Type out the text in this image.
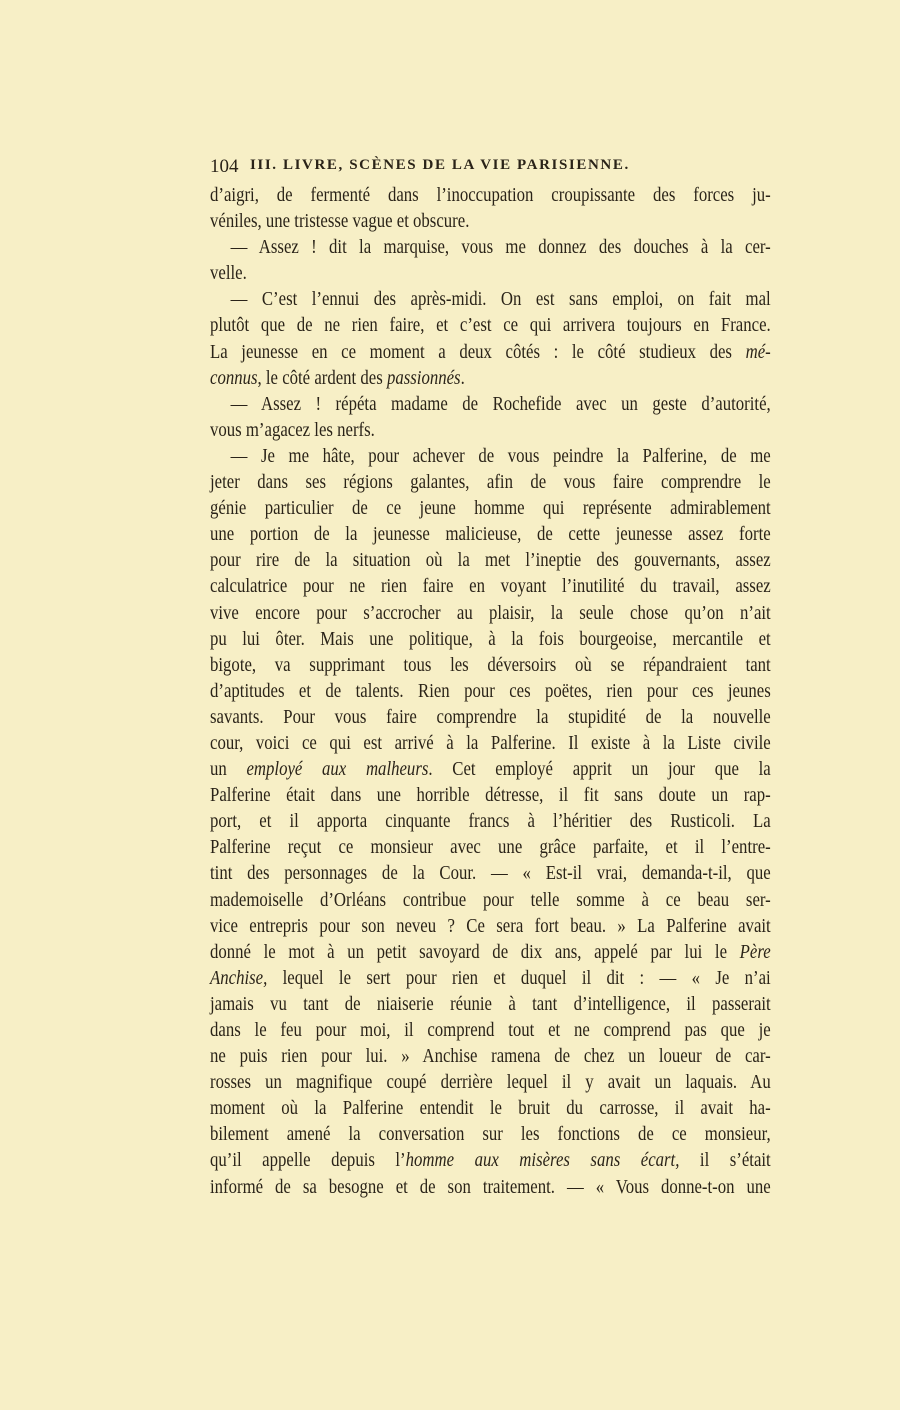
104 III. LIVRE, SCÈNES DE LA VIE PARISIENNE.
d’aigri, de fermenté dans l’inoccupation croupissante des forces ju-
véniles, une tristesse vague et obscure.
— Assez ! dit la marquise, vous me donnez des douches à la cer-
velle.
— C’est l’ennui des après-midi. On est sans emploi, on fait mal
plutôt que de ne rien faire, et c’est ce qui arrivera toujours en France.
La jeunesse en ce moment a deux côtés : le côté studieux des mé-
connus, le côté ardent des passionnés.
— Assez ! répéta madame de Rochefide avec un geste d’autorité,
vous m’agacez les nerfs.
— Je me hâte, pour achever de vous peindre la Palferine, de me
jeter dans ses régions galantes, afin de vous faire comprendre le
génie particulier de ce jeune homme qui représente admirablement
une portion de la jeunesse malicieuse, de cette jeunesse assez forte
pour rire de la situation où la met l’ineptie des gouvernants, assez
calculatrice pour ne rien faire en voyant l’inutilité du travail, assez
vive encore pour s’accrocher au plaisir, la seule chose qu’on n’ait
pu lui ôter. Mais une politique, à la fois bourgeoise, mercantile et
bigote, va supprimant tous les déversoirs où se répandraient tant
d’aptitudes et de talents. Rien pour ces poëtes, rien pour ces jeunes
savants. Pour vous faire comprendre la stupidité de la nouvelle
cour, voici ce qui est arrivé à la Palferine. Il existe à la Liste civile
un employé aux malheurs. Cet employé apprit un jour que la
Palferine était dans une horrible détresse, il fit sans doute un rap-
port, et il apporta cinquante francs à l’héritier des Rusticoli. La
Palferine reçut ce monsieur avec une grâce parfaite, et il l’entre-
tint des personnages de la Cour. — « Est-il vrai, demanda-t-il, que
mademoiselle d’Orléans contribue pour telle somme à ce beau ser-
vice entrepris pour son neveu ? Ce sera fort beau. » La Palferine avait
donné le mot à un petit savoyard de dix ans, appelé par lui le Père
Anchise, lequel le sert pour rien et duquel il dit : — « Je n’ai
jamais vu tant de niaiserie réunie à tant d’intelligence, il passerait
dans le feu pour moi, il comprend tout et ne comprend pas que je
ne puis rien pour lui. » Anchise ramena de chez un loueur de car-
rosses un magnifique coupé derrière lequel il y avait un laquais. Au
moment où la Palferine entendit le bruit du carrosse, il avait ha-
bilement amené la conversation sur les fonctions de ce monsieur,
qu’il appelle depuis l’homme aux misères sans écart, il s’était
informé de sa besogne et de son traitement. — « Vous donne-t-on une
